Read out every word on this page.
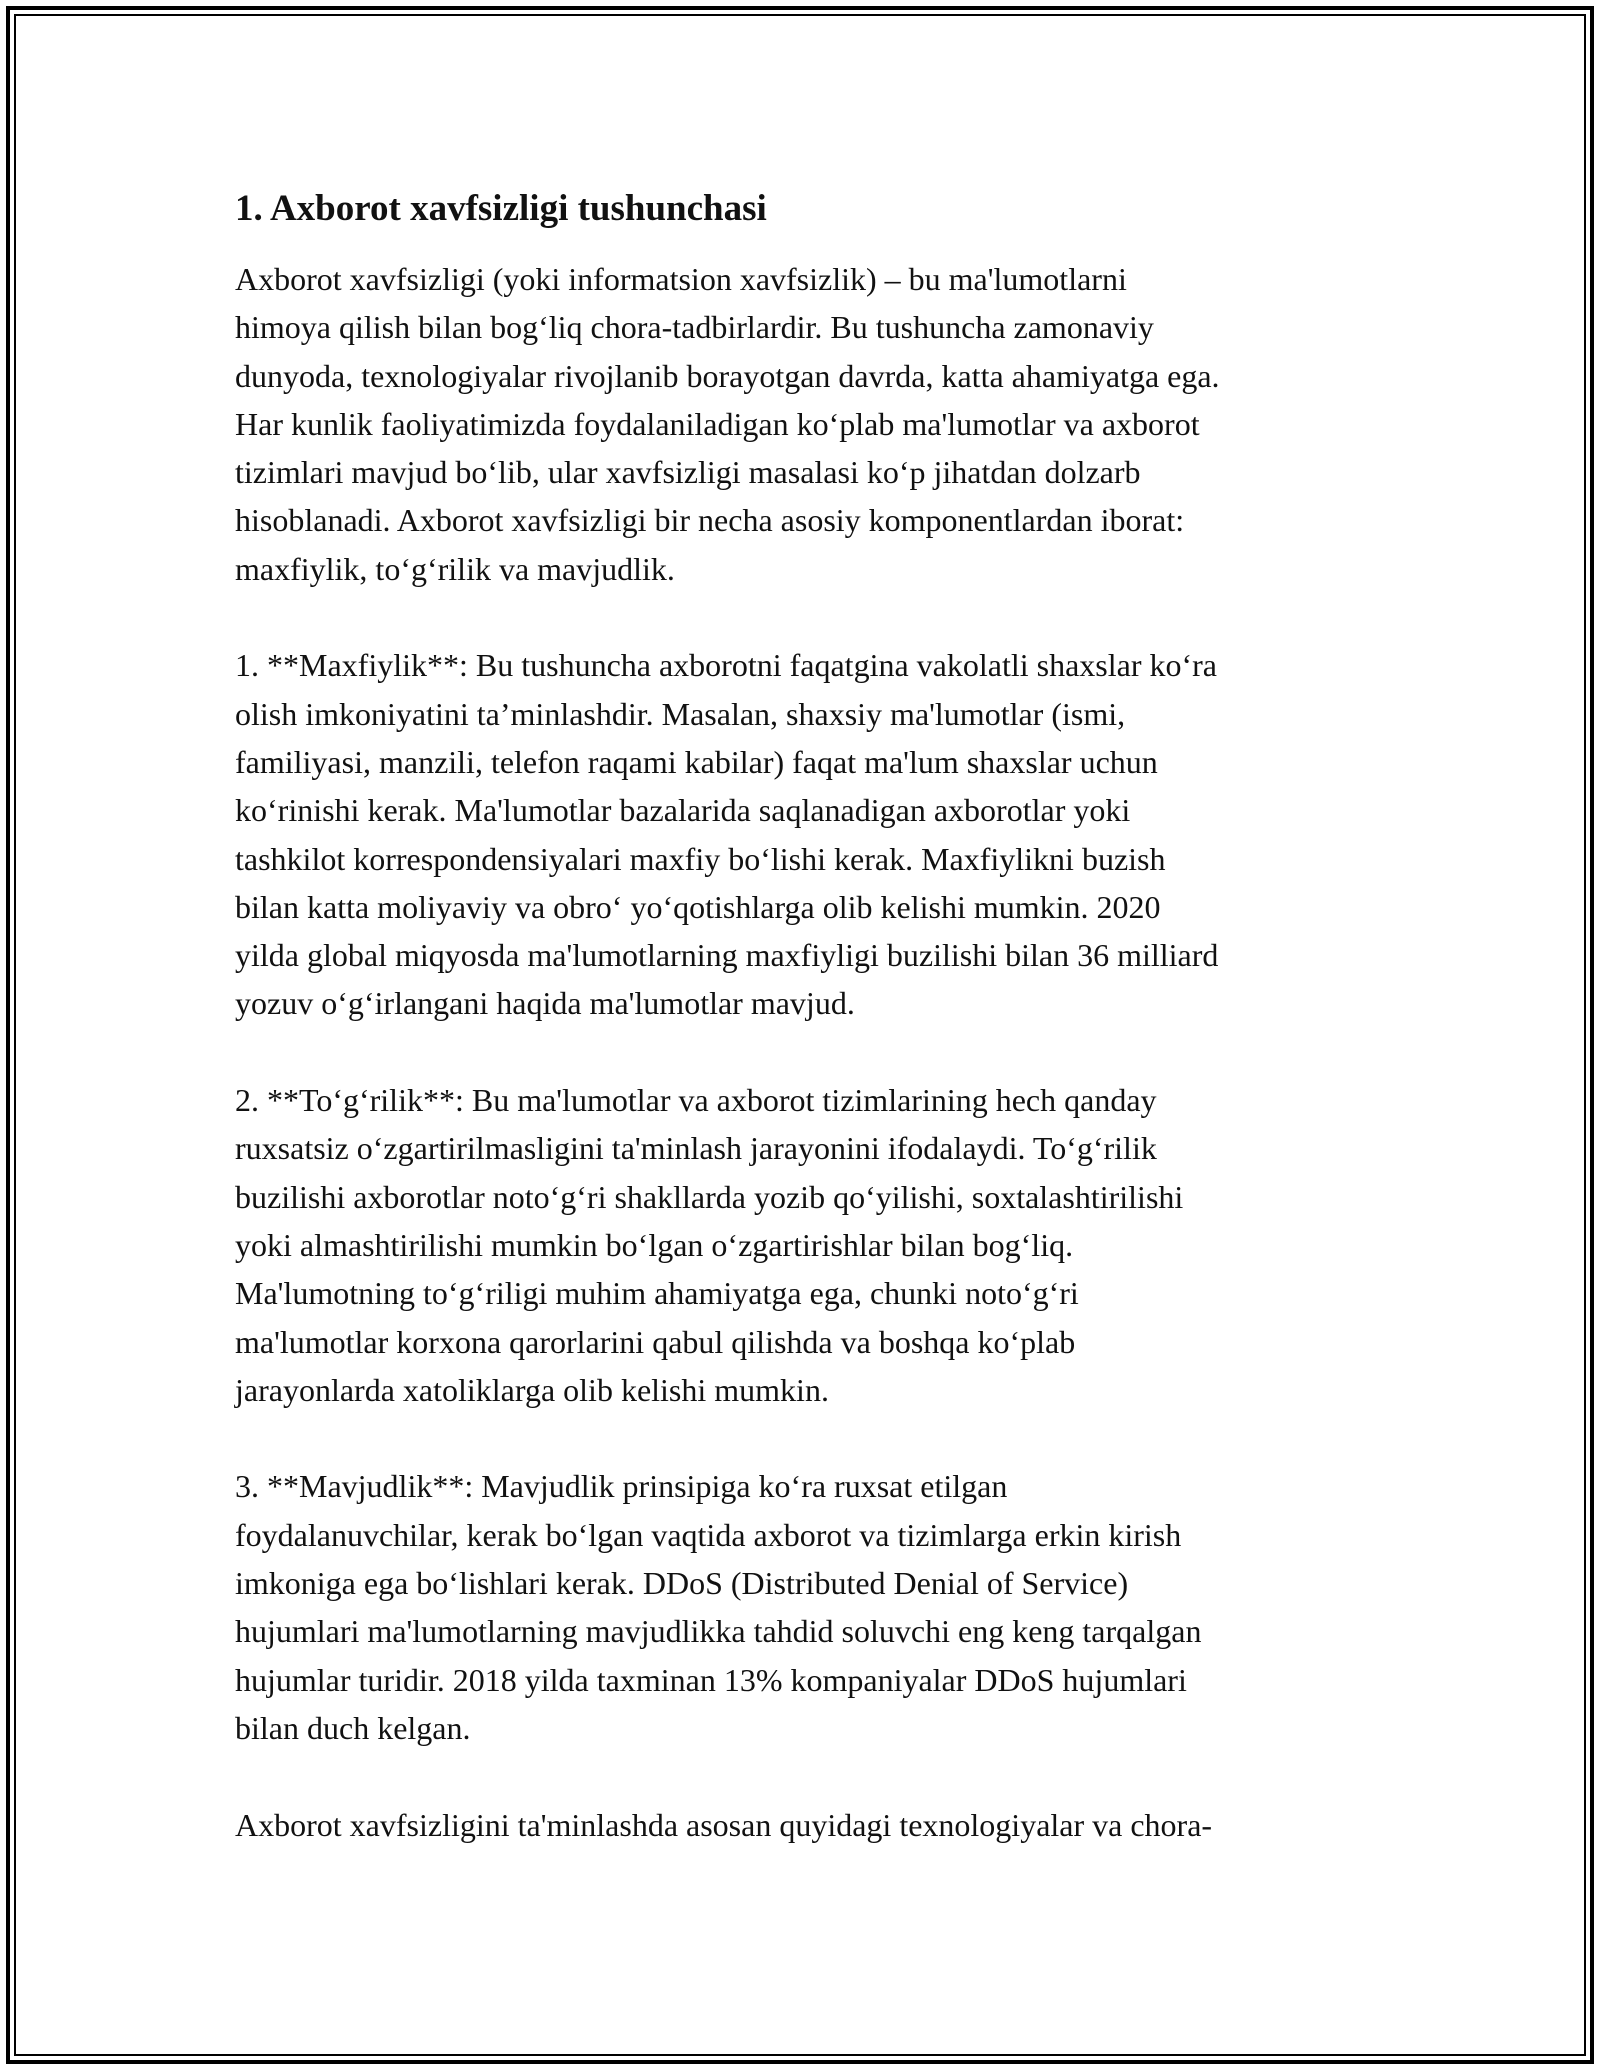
1. Axborot xavfsizligi tushunchasi

Axborot xavfsizligi (yoki informatsion xavfsizlik) – bu ma'lumotlarni
himoya qilish bilan bog‘liq chora-tadbirlardir. Bu tushuncha zamonaviy
dunyoda, texnologiyalar rivojlanib borayotgan davrda, katta ahamiyatga ega.
Har kunlik faoliyatimizda foydalaniladigan ko‘plab ma'lumotlar va axborot
tizimlari mavjud bo‘lib, ular xavfsizligi masalasi ko‘p jihatdan dolzarb
hisoblanadi. Axborot xavfsizligi bir necha asosiy komponentlardan iborat:
maxfiylik, to‘g‘rilik va mavjudlik.

1. **Maxfiylik**: Bu tushuncha axborotni faqatgina vakolatli shaxslar ko‘ra
olish imkoniyatini ta’minlashdir. Masalan, shaxsiy ma'lumotlar (ismi,
familiyasi, manzili, telefon raqami kabilar) faqat ma'lum shaxslar uchun
ko‘rinishi kerak. Ma'lumotlar bazalarida saqlanadigan axborotlar yoki
tashkilot korrespondensiyalari maxfiy bo‘lishi kerak. Maxfiylikni buzish
bilan katta moliyaviy va obro‘ yo‘qotishlarga olib kelishi mumkin. 2020
yilda global miqyosda ma'lumotlarning maxfiyligi buzilishi bilan 36 milliard
yozuv o‘g‘irlangani haqida ma'lumotlar mavjud.

2. **To‘g‘rilik**: Bu ma'lumotlar va axborot tizimlarining hech qanday
ruxsatsiz o‘zgartirilmasligini ta'minlash jarayonini ifodalaydi. To‘g‘rilik
buzilishi axborotlar noto‘g‘ri shakllarda yozib qo‘yilishi, soxtalashtirilishi
yoki almashtirilishi mumkin bo‘lgan o‘zgartirishlar bilan bog‘liq.
Ma'lumotning to‘g‘riligi muhim ahamiyatga ega, chunki noto‘g‘ri
ma'lumotlar korxona qarorlarini qabul qilishda va boshqa ko‘plab
jarayonlarda xatoliklarga olib kelishi mumkin.

3. **Mavjudlik**: Mavjudlik prinsipiga ko‘ra ruxsat etilgan
foydalanuvchilar, kerak bo‘lgan vaqtida axborot va tizimlarga erkin kirish
imkoniga ega bo‘lishlari kerak. DDoS (Distributed Denial of Service)
hujumlari ma'lumotlarning mavjudlikka tahdid soluvchi eng keng tarqalgan
hujumlar turidir. 2018 yilda taxminan 13% kompaniyalar DDoS hujumlari
bilan duch kelgan.

Axborot xavfsizligini ta'minlashda asosan quyidagi texnologiyalar va chora-
